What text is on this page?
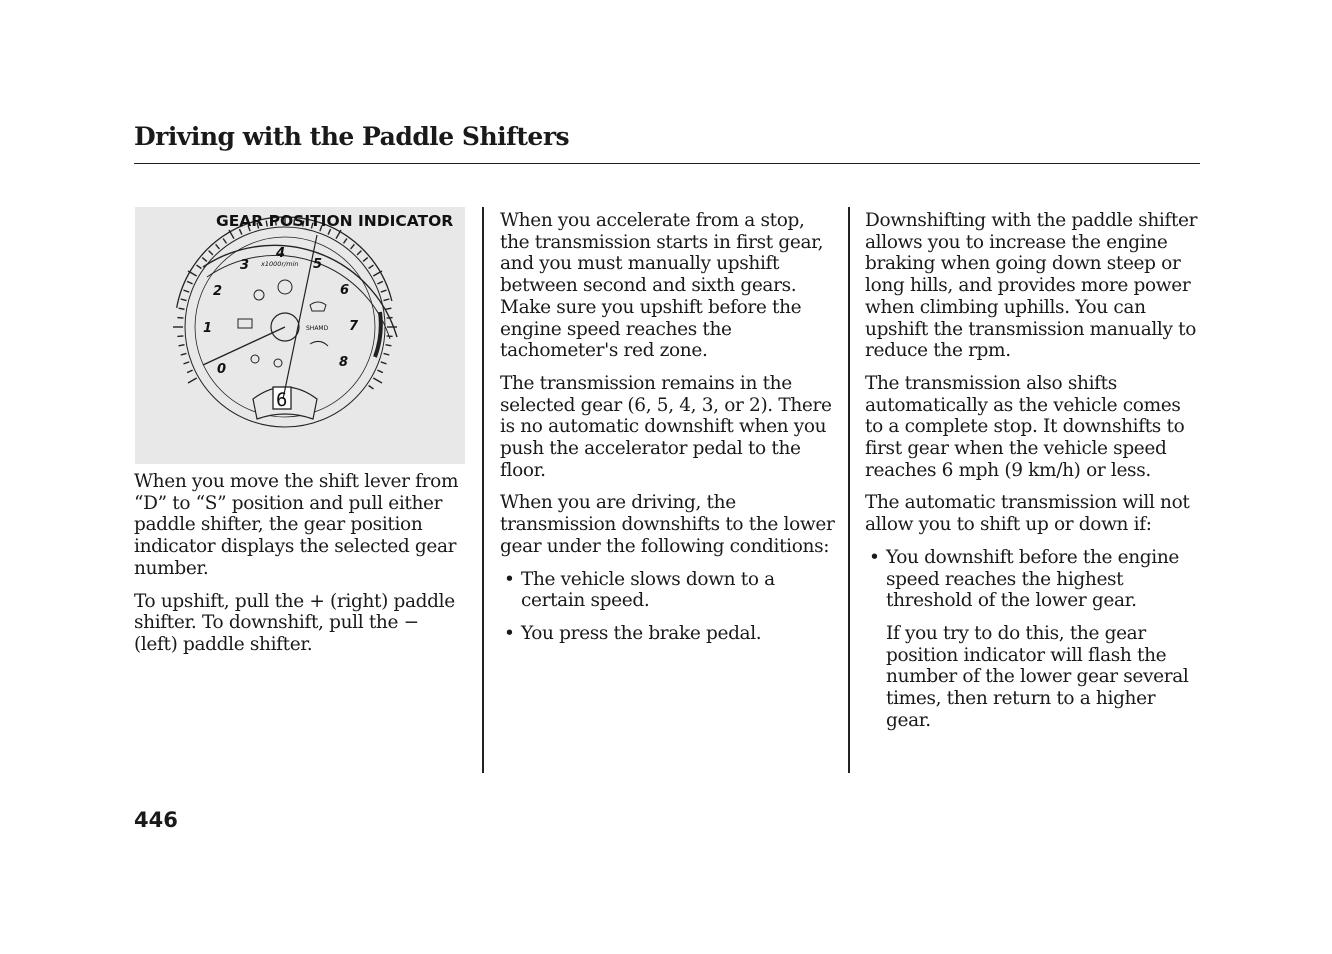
Driving with the Paddle Shifters
0
1
2
3
4
5
6
7
8
x1000r/min
SHAMD
6
GEAR POSITION INDICATOR

When you move the shift lever from “D” to “S” position and pull either paddle shifter, the gear position indicator displays the selected gear number.

To upshift, pull the + (right) paddle shifter. To downshift, pull the − (left) paddle shifter.

When you accelerate from a stop, the transmission starts in first gear, and you must manually upshift between second and sixth gears. Make sure you upshift before the engine speed reaches the tachometer's red zone.

The transmission remains in the selected gear (6, 5, 4, 3, or 2). There is no automatic downshift when you push the accelerator pedal to the floor.

When you are driving, the transmission downshifts to the lower gear under the following conditions:

• The vehicle slows down to a certain speed.
• You press the brake pedal.

Downshifting with the paddle shifter allows you to increase the engine braking when going down steep or long hills, and provides more power when climbing uphills. You can upshift the transmission manually to reduce the rpm.

The transmission also shifts automatically as the vehicle comes to a complete stop. It downshifts to first gear when the vehicle speed reaches 6 mph (9 km/h) or less.

The automatic transmission will not allow you to shift up or down if:

• You downshift before the engine speed reaches the highest threshold of the lower gear.

If you try to do this, the gear position indicator will flash the number of the lower gear several times, then return to a higher gear.

446
